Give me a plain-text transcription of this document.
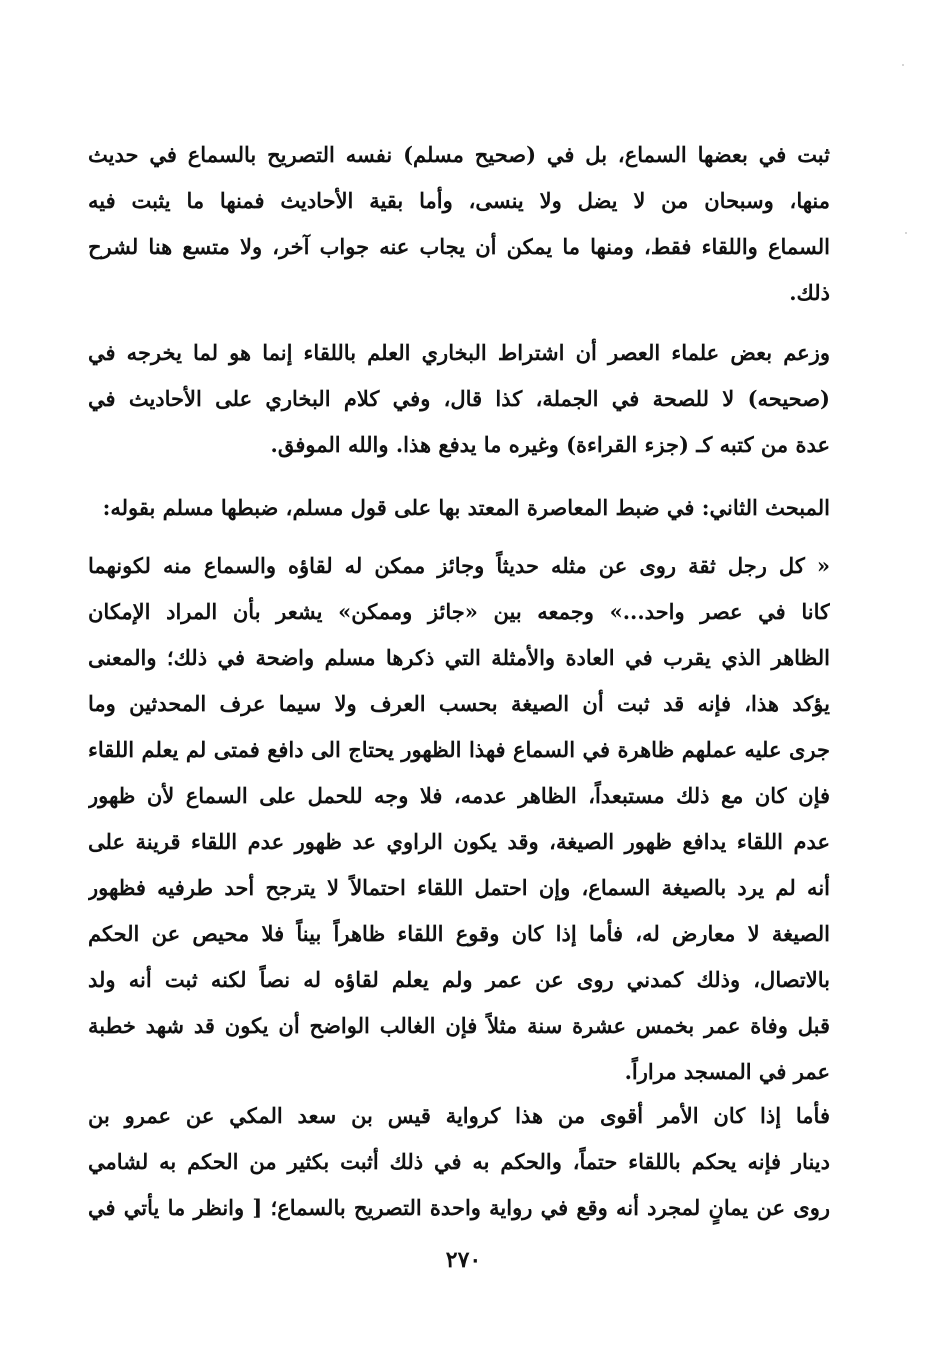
ثبت في بعضها السماع، بل في (صحيح مسلم) نفسه التصريح بالسماع في حديث
منها، وسبحان من لا يضل ولا ينسى، وأما بقية الأحاديث فمنها ما يثبت فيه
السماع واللقاء فقط، ومنها ما يمكن أن يجاب عنه جواب آخر، ولا متسع هنا لشرح
ذلك.
وزعم بعض علماء العصر أن اشتراط البخاري العلم باللقاء إنما هو لما يخرجه في
(صحيحه) لا للصحة في الجملة، كذا قال، وفي كلام البخاري على الأحاديث في
عدة من كتبه كـ (جزء القراءة) وغيره ما يدفع هذا. والله الموفق.
المبحث الثاني: في ضبط المعاصرة المعتد بها على قول مسلم، ضبطها مسلم بقوله:
« كل رجل ثقة روى عن مثله حديثاً وجائز ممكن له لقاؤه والسماع منه لكونهما
كانا في عصر واحد...» وجمعه بين «جائز وممكن» يشعر بأن المراد الإمكان
الظاهر الذي يقرب في العادة والأمثلة التي ذكرها مسلم واضحة في ذلك؛ والمعنى
يؤكد هذا، فإنه قد ثبت أن الصيغة بحسب العرف ولا سيما عرف المحدثين وما
جرى عليه عملهم ظاهرة في السماع فهذا الظهور يحتاج الى دافع فمتى لم يعلم اللقاء
فإن كان مع ذلك مستبعداً، الظاهر عدمه، فلا وجه للحمل على السماع لأن ظهور
عدم اللقاء يدافع ظهور الصيغة، وقد يكون الراوي عد ظهور عدم اللقاء قرينة على
أنه لم يرد بالصيغة السماع، وإن احتمل اللقاء احتمالاً لا يترجح أحد طرفيه فظهور
الصيغة لا معارض له، فأما إذا كان وقوع اللقاء ظاهراً بيناً فلا محيص عن الحكم
بالاتصال، وذلك كمدني روى عن عمر ولم يعلم لقاؤه له نصاً لكنه ثبت أنه ولد
قبل وفاة عمر بخمس عشرة سنة مثلاً فإن الغالب الواضح أن يكون قد شهد خطبة
عمر في المسجد مراراً.
فأما إذا كان الأمر أقوى من هذا كرواية قيس بن سعد المكي عن عمرو بن
دينار فإنه يحكم باللقاء حتماً، والحكم به في ذلك أثبت بكثير من الحكم به لشامي
روى عن يمانٍ لمجرد أنه وقع في رواية واحدة التصريح بالسماع؛ [ وانظر ما يأتي في
٢٧٠
